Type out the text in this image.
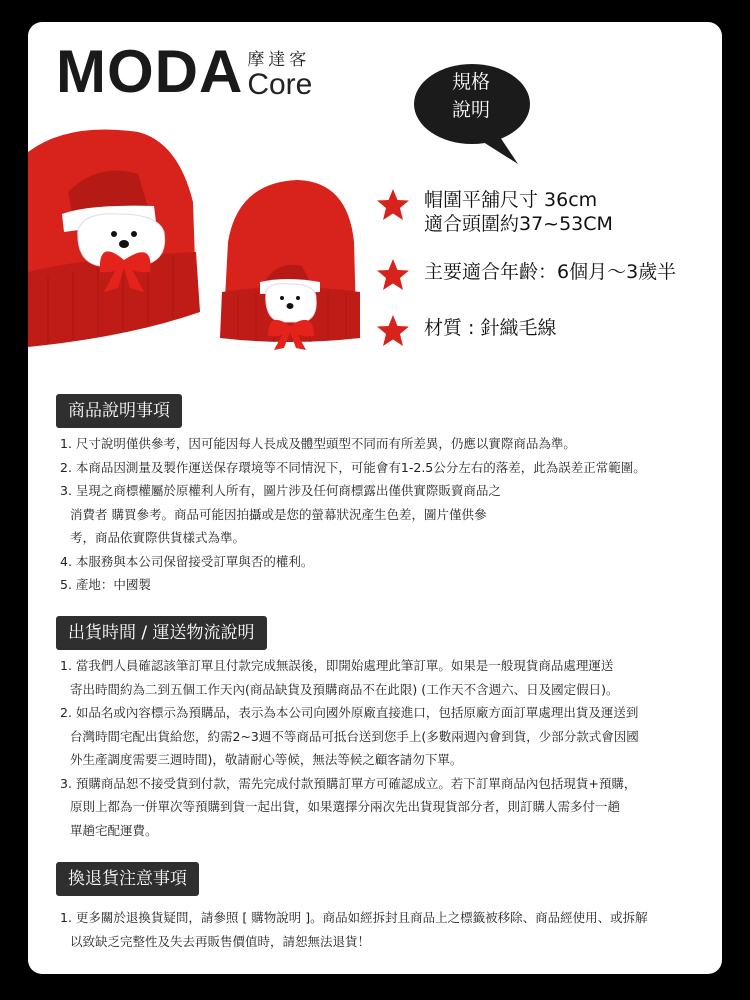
MODA 摩達客
Core	規格
說明
帽圍平舖尺寸 36cm
適合頭圍約37~53CM
主要適合年齡：6個月～3歲半
材質 : 針織毛線
商品說明事項

1. 尺寸說明僅供參考，因可能因每人長成及體型頭型不同而有所差異，仍應以實際商品為準。

2. 本商品因測量及製作運送保存環境等不同情況下，可能會有1-2.5公分左右的落差，此為誤差正常範圍。

3. 呈現之商標權屬於原權利人所有，圖片涉及任何商標露出僅供實際販賣商品之

消費者 購買參考。商品可能因拍攝或是您的螢幕狀況產生色差，圖片僅供參

考，商品依實際供貨樣式為準。

4. 本服務與本公司保留接受訂單與否的權利。

5. 產地：中國製

出貨時間 / 運送物流說明

1. 當我們人員確認該筆訂單且付款完成無誤後，即開始處理此筆訂單。如果是一般現貨商品處理運送

寄出時間約為二到五個工作天內(商品缺貨及預購商品不在此限) (工作天不含週六、日及國定假日)。

2. 如品名或內容標示為預購品，表示為本公司向國外原廠直接進口，包括原廠方面訂單處理出貨及運送到

台灣時間宅配出貨給您，約需2~3週不等商品可抵台送到您手上(多數兩週內會到貨，少部分款式會因國

外生產調度需要三週時間)，敬請耐心等候，無法等候之顧客請勿下單。

3. 預購商品恕不接受貨到付款，需先完成付款預購訂單方可確認成立。若下訂單商品內包括現貨+預購，

原則上都為一併單次等預購到貨一起出貨，如果選擇分兩次先出貨現貨部分者，則訂購人需多付一趟

單趟宅配運費。

換退貨注意事項

1. 更多關於退換貨疑問，請參照 [ 購物說明 ]。商品如經拆封且商品上之標籤被移除、商品經使用、或拆解

以致缺乏完整性及失去再販售價值時，請恕無法退貨！
